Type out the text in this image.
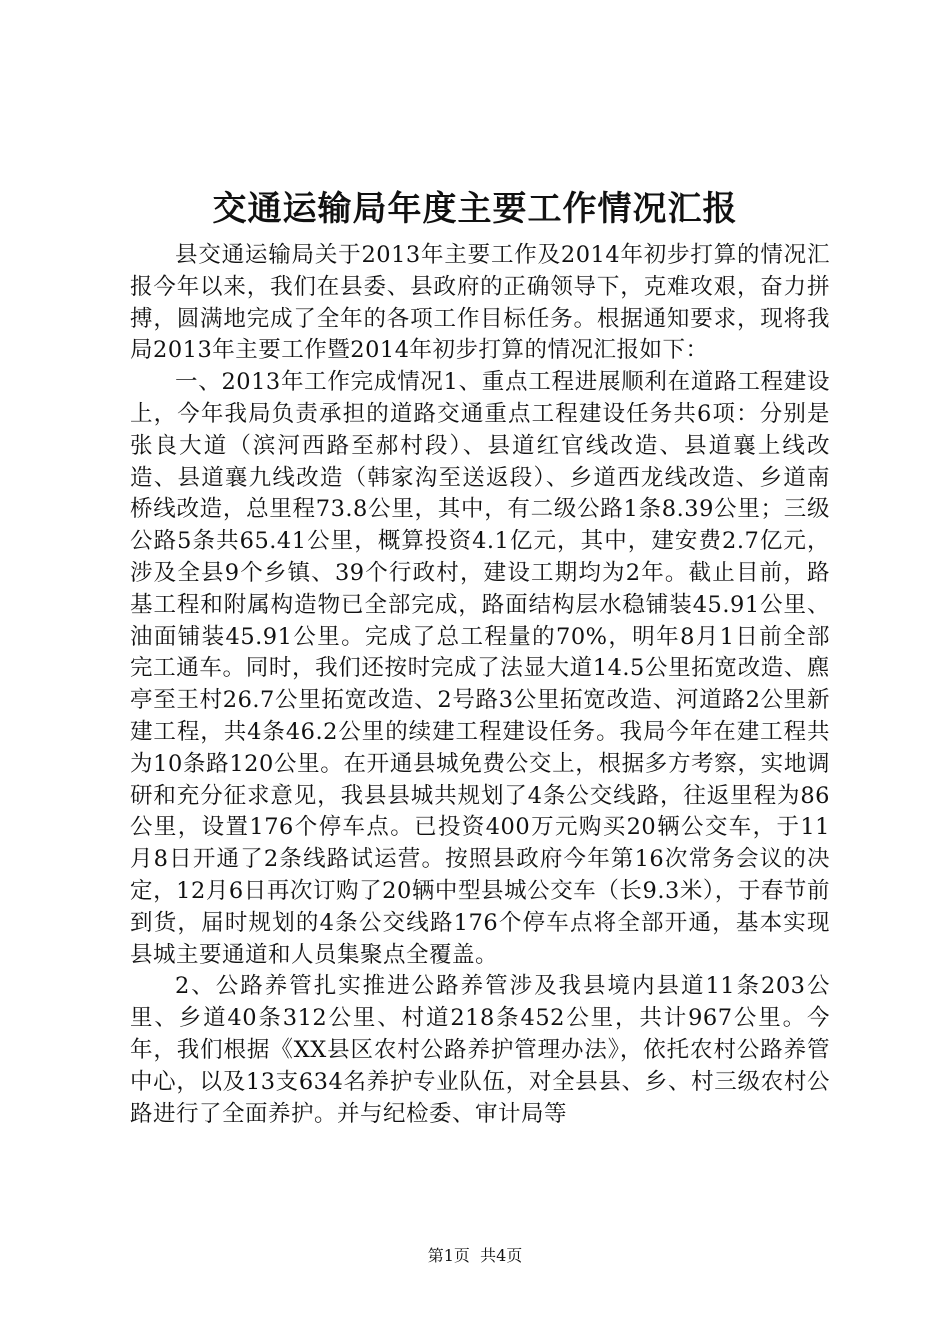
交通运输局年度主要工作情况汇报

县交通运输局关于2013年主要工作及2014年初步打算的情况汇报今年以来，我们在县委、县政府的正确领导下，克难攻艰，奋力拼搏，圆满地完成了全年的各项工作目标任务。根据通知要求，现将我局2013年主要工作暨2014年初步打算的情况汇报如下：

一、2013年工作完成情况1、重点工程进展顺利在道路工程建设上，今年我局负责承担的道路交通重点工程建设任务共6项：分别是张良大道（滨河西路至郝村段）、县道红官线改造、县道襄上线改造、县道襄九线改造（韩家沟至送返段）、乡道西龙线改造、乡道南桥线改造，总里程73.8公里，其中，有二级公路1条8.39公里；三级公路5条共65.41公里，概算投资4.1亿元，其中，建安费2.7亿元，涉及全县9个乡镇、39个行政村，建设工期均为2年。截止目前，路基工程和附属构造物已全部完成，路面结构层水稳铺装45.91公里、油面铺装45.91公里。完成了总工程量的70%，明年8月1日前全部完工通车。同时，我们还按时完成了法显大道14.5公里拓宽改造、麃亭至王村26.7公里拓宽改造、2号路3公里拓宽改造、河道路2公里新建工程，共4条46.2公里的续建工程建设任务。我局今年在建工程共为10条路120公里。在开通县城免费公交上，根据多方考察，实地调研和充分征求意见，我县县城共规划了4条公交线路，往返里程为86公里，设置176个停车点。已投资400万元购买20辆公交车，于11月8日开通了2条线路试运营。按照县政府今年第16次常务会议的决定，12月6日再次订购了20辆中型县城公交车（长9.3米），于春节前到货，届时规划的4条公交线路176个停车点将全部开通，基本实现县城主要通道和人员集聚点全覆盖。

2、公路养管扎实推进公路养管涉及我县境内县道11条203公里、乡道40条312公里、村道218条452公里，共计967公里。今年，我们根据《XX县区农村公路养护管理办法》，依托农村公路养管中心，以及13支634名养护专业队伍，对全县县、乡、村三级农村公路进行了全面养护。并与纪检委、审计局等

第1页 共4页
